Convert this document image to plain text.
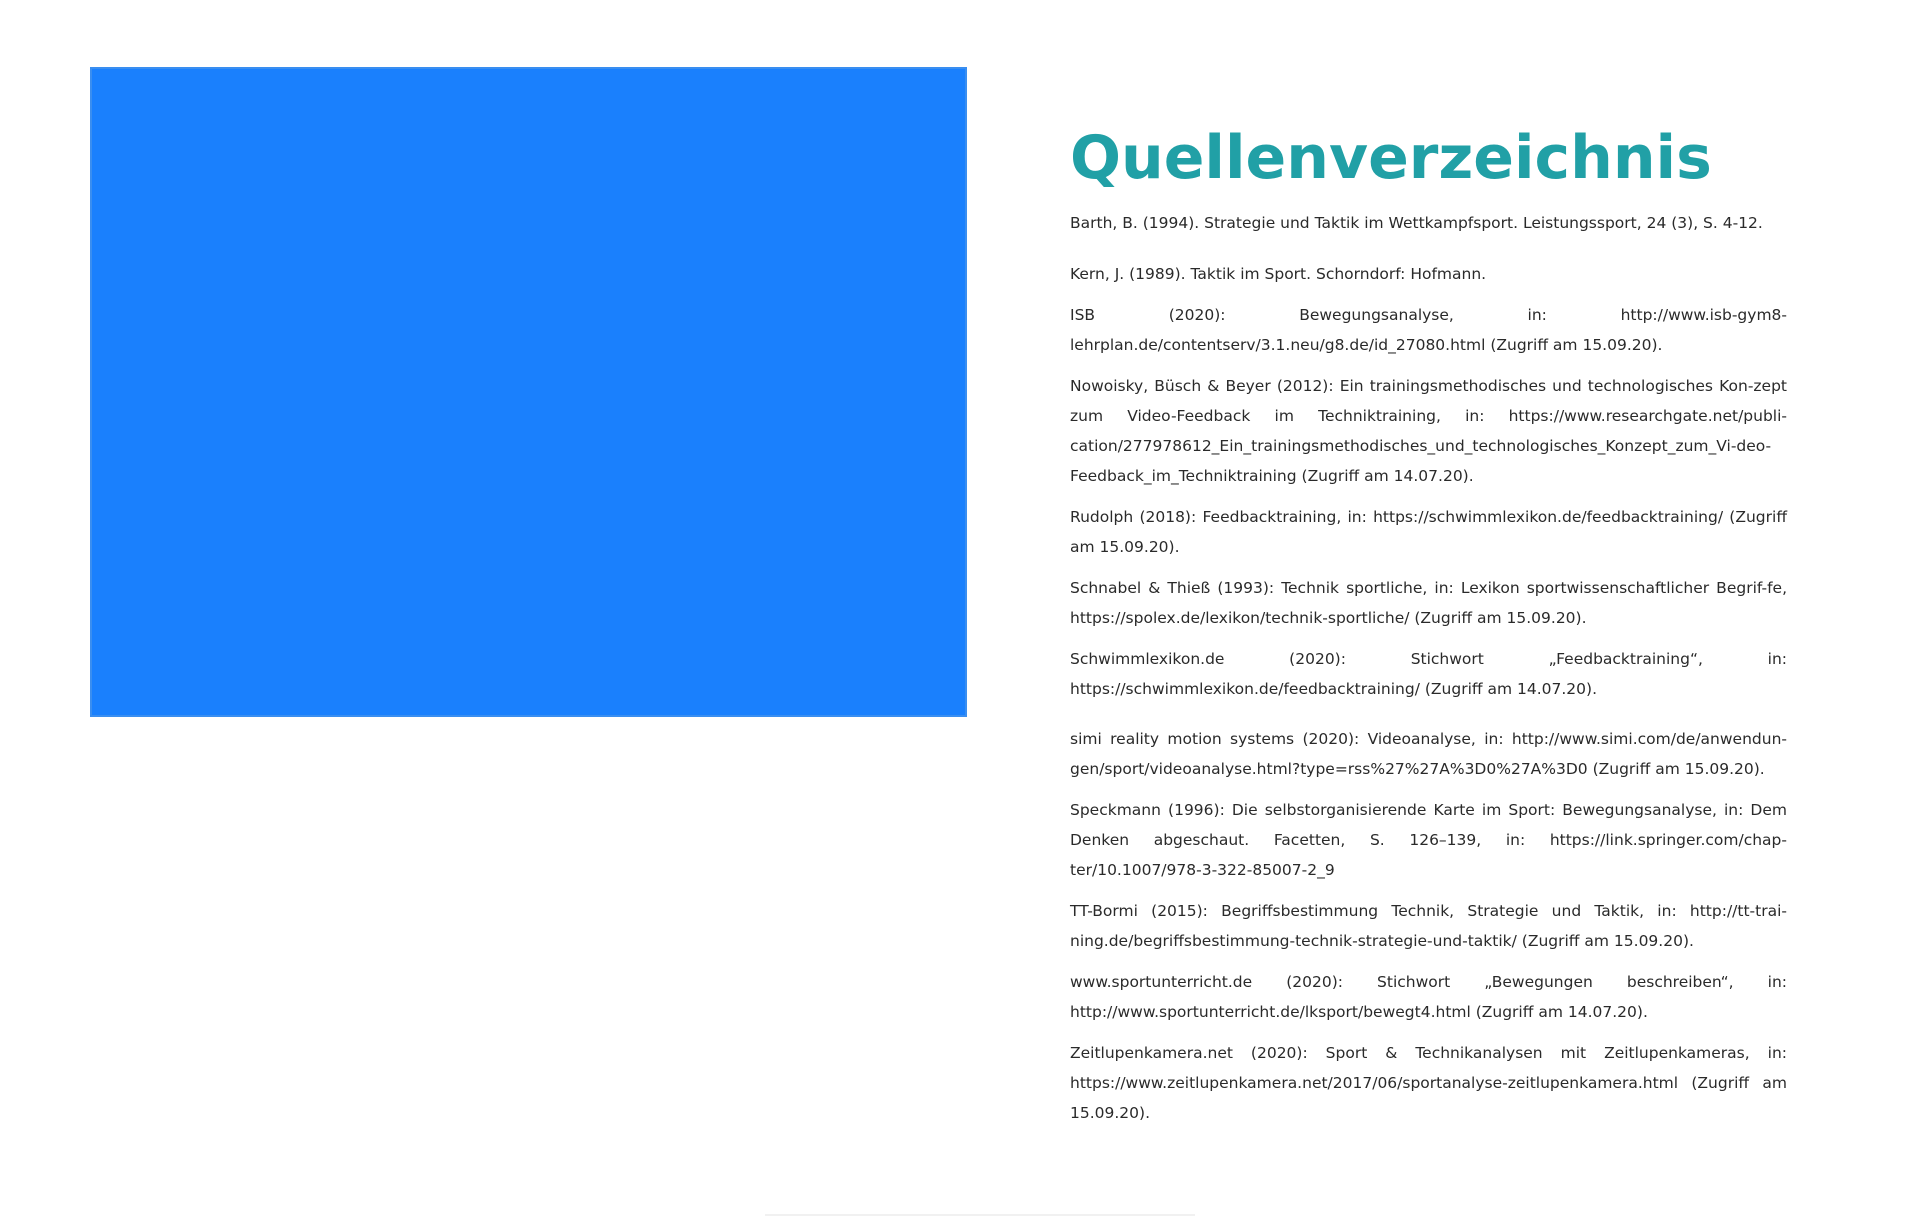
Quellenverzeichnis

Barth, B. (1994). Strategie und Taktik im Wettkampfsport. Leistungssport, 24 (3), S. 4-12.

Kern, J. (1989). Taktik im Sport. Schorndorf: Hofmann.

ISB (2020): Bewegungsanalyse, in: http://www.isb-gym8-lehrplan.de/contentserv/3.1.neu/g8.de/id_27080.html (Zugriff am 15.09.20).

Nowoisky, Büsch & Beyer (2012): Ein trainingsmethodisches und technologisches Kon-zept zum Video-Feedback im Techniktraining, in: https://www.researchgate.net/publi-cation/277978612_Ein_trainingsmethodisches_und_technologisches_Konzept_zum_Vi-deo-Feedback_im_Techniktraining (Zugriff am 14.07.20).

Rudolph (2018): Feedbacktraining, in: https://schwimmlexikon.de/feedbacktraining/ (Zugriff am 15.09.20).

Schnabel & Thieß (1993): Technik sportliche, in: Lexikon sportwissenschaftlicher Begrif-fe, https://spolex.de/lexikon/technik-sportliche/ (Zugriff am 15.09.20).

Schwimmlexikon.de (2020): Stichwort „Feedbacktraining“, in: https://schwimmlexikon.de/feedbacktraining/ (Zugriff am 14.07.20).

simi reality motion systems (2020): Videoanalyse, in: http://www.simi.com/de/anwendun-gen/sport/videoanalyse.html?type=rss%27%27A%3D0%27A%3D0 (Zugriff am 15.09.20).

Speckmann (1996): Die selbstorganisierende Karte im Sport: Bewegungsanalyse, in: Dem Denken abgeschaut. Facetten, S. 126–139, in: https://link.springer.com/chap-ter/10.1007/978-3-322-85007-2_9

TT-Bormi (2015): Begriffsbestimmung Technik, Strategie und Taktik, in: http://tt-trai-ning.de/begriffsbestimmung-technik-strategie-und-taktik/ (Zugriff am 15.09.20).

www.sportunterricht.de (2020): Stichwort „Bewegungen beschreiben“, in: http://www.sportunterricht.de/lksport/bewegt4.html (Zugriff am 14.07.20).

Zeitlupenkamera.net (2020): Sport & Technikanalysen mit Zeitlupenkameras, in: https://www.zeitlupenkamera.net/2017/06/sportanalyse-zeitlupenkamera.html (Zugriff am 15.09.20).
